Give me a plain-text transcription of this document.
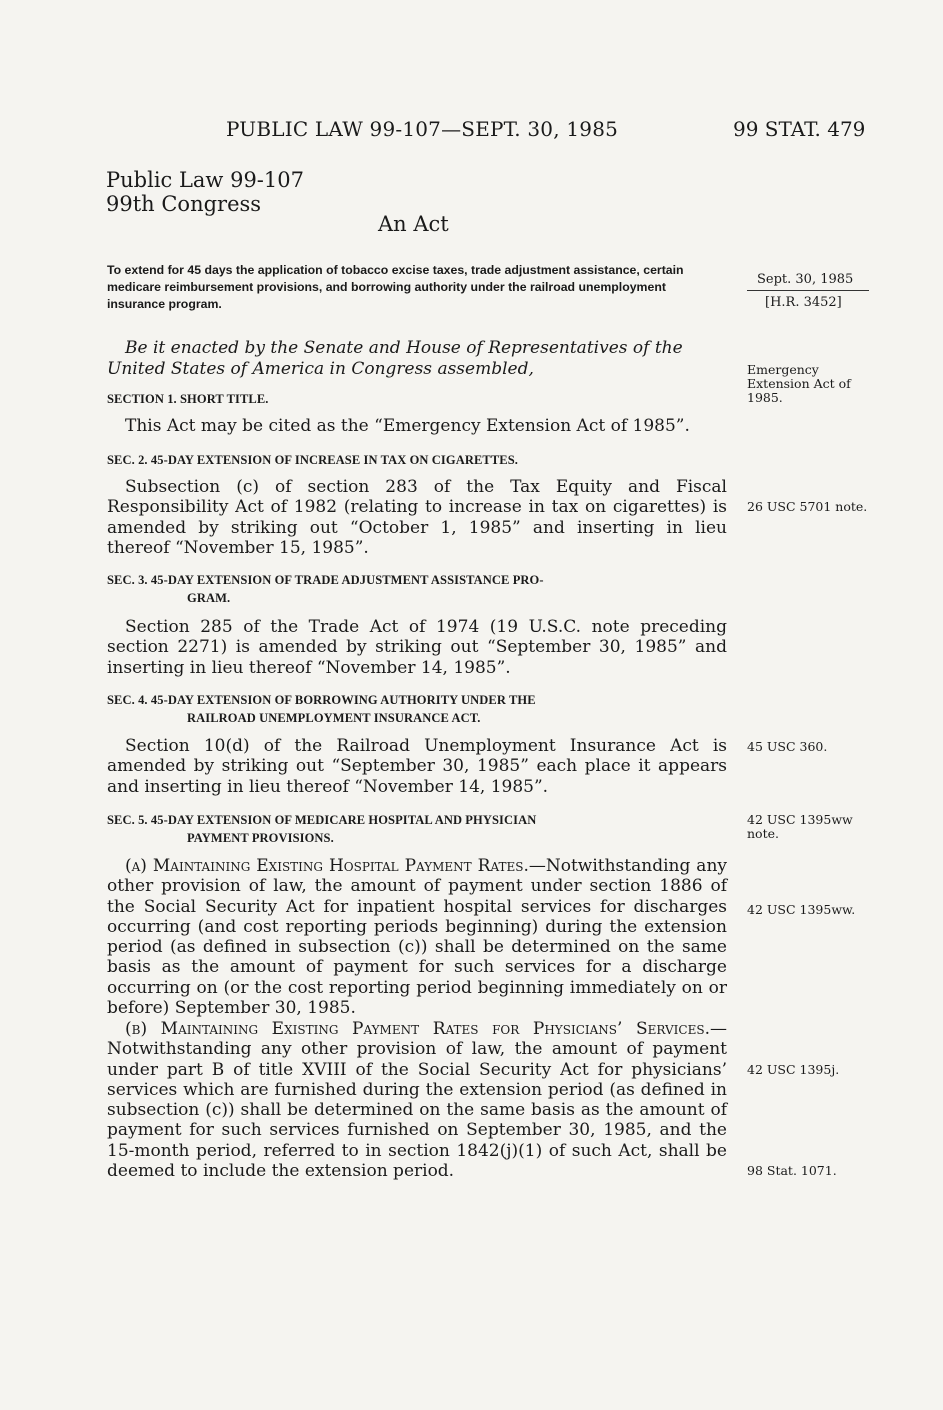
PUBLIC LAW 99-107—SEPT. 30, 1985	99 STAT. 479
Public Law 99-107
99th Congress
An Act
To extend for 45 days the application of tobacco excise taxes, trade adjustment assistance, certain medicare reimbursement provisions, and borrowing authority under the railroad unemployment insurance program.
Sept. 30, 1985
[H.R. 3452]
Be it enacted by the Senate and House of Representatives of the United States of America in Congress assembled,	Emergency Extension Act of 1985.
SECTION 1. SHORT TITLE.
This Act may be cited as the “Emergency Extension Act of 1985”.
SEC. 2. 45-DAY EXTENSION OF INCREASE IN TAX ON CIGARETTES.
Subsection (c) of section 283 of the Tax Equity and Fiscal Responsibility Act of 1982 (relating to increase in tax on cigarettes) is amended by striking out “October 1, 1985” and inserting in lieu thereof “November 15, 1985”.
26 USC 5701 note.
SEC. 3. 45-DAY EXTENSION OF TRADE ADJUSTMENT ASSISTANCE PRO-
GRAM.
Section 285 of the Trade Act of 1974 (19 U.S.C. note preceding section 2271) is amended by striking out “September 30, 1985” and inserting in lieu thereof “November 14, 1985”.
SEC. 4. 45-DAY EXTENSION OF BORROWING AUTHORITY UNDER THE
RAILROAD UNEMPLOYMENT INSURANCE ACT.
Section 10(d) of the Railroad Unemployment Insurance Act is amended by striking out “September 30, 1985” each place it appears and inserting in lieu thereof “November 14, 1985”.
45 USC 360.
SEC. 5. 45-DAY EXTENSION OF MEDICARE HOSPITAL AND PHYSICIAN
PAYMENT PROVISIONS.
42 USC 1395ww note.
(a) Maintaining Existing Hospital Payment Rates.—Notwithstanding any other provision of law, the amount of payment under section 1886 of the Social Security Act for inpatient hospital services for discharges occurring (and cost reporting periods beginning) during the extension period (as defined in subsection (c)) shall be determined on the same basis as the amount of payment for such services for a discharge occurring on (or the cost reporting period beginning immediately on or before) September 30, 1985.
42 USC 1395ww.
(b) Maintaining Existing Payment Rates for Physicians’ Services.—Notwithstanding any other provision of law, the amount of payment under part B of title XVIII of the Social Security Act for physicians’ services which are furnished during the extension period (as defined in subsection (c)) shall be determined on the same basis as the amount of payment for such services furnished on September 30, 1985, and the 15-month period, referred to in section 1842(j)(1) of such Act, shall be deemed to include the extension period.
42 USC 1395j.
98 Stat. 1071.
